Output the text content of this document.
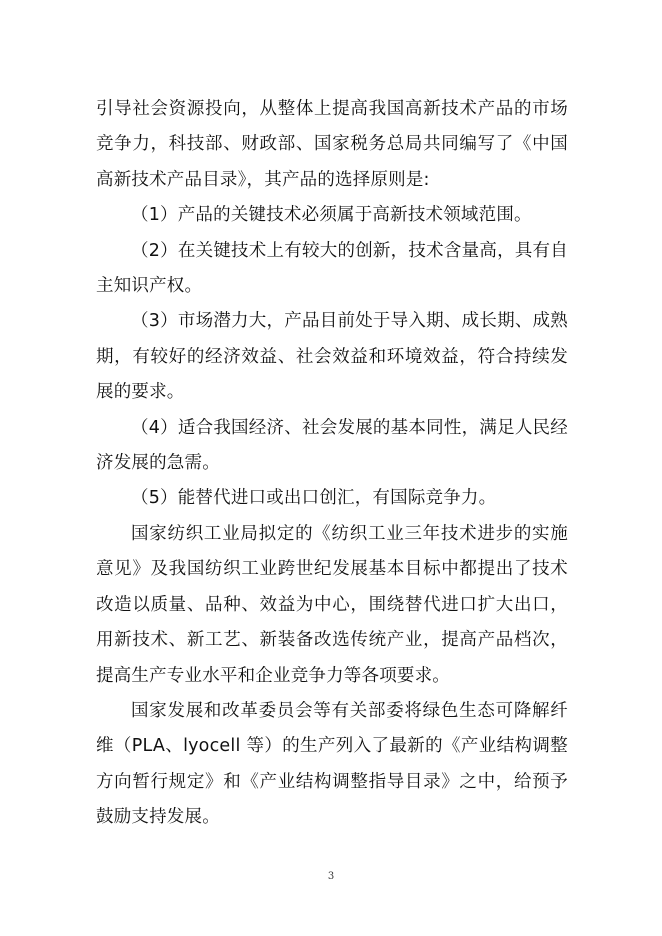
引导社会资源投向，从整体上提高我国高新技术产品的市场竞争力，科技部、财政部、国家税务总局共同编写了《中国高新技术产品目录》，其产品的选择原则是:

（1）产品的关键技术必须属于高新技术领域范围。

（2）在关键技术上有较大的创新，技术含量高，具有自主知识产权。

（3）市场潜力大，产品目前处于导入期、成长期、成熟期，有较好的经济效益、社会效益和环境效益，符合持续发展的要求。

（4）适合我国经济、社会发展的基本同性，满足人民经济发展的急需。

（5）能替代进口或出口创汇，有国际竞争力。

国家纺织工业局拟定的《纺织工业三年技术进步的实施意见》及我国纺织工业跨世纪发展基本目标中都提出了技术改造以质量、品种、效益为中心，围绕替代进口扩大出口，用新技术、新工艺、新装备改选传统产业，提高产品档次，提高生产专业水平和企业竞争力等各项要求。

国家发展和改革委员会等有关部委将绿色生态可降解纤维（PLA、lyocell 等）的生产列入了最新的《产业结构调整方向暂行规定》和《产业结构调整指导目录》之中，给预予鼓励支持发展。

3
